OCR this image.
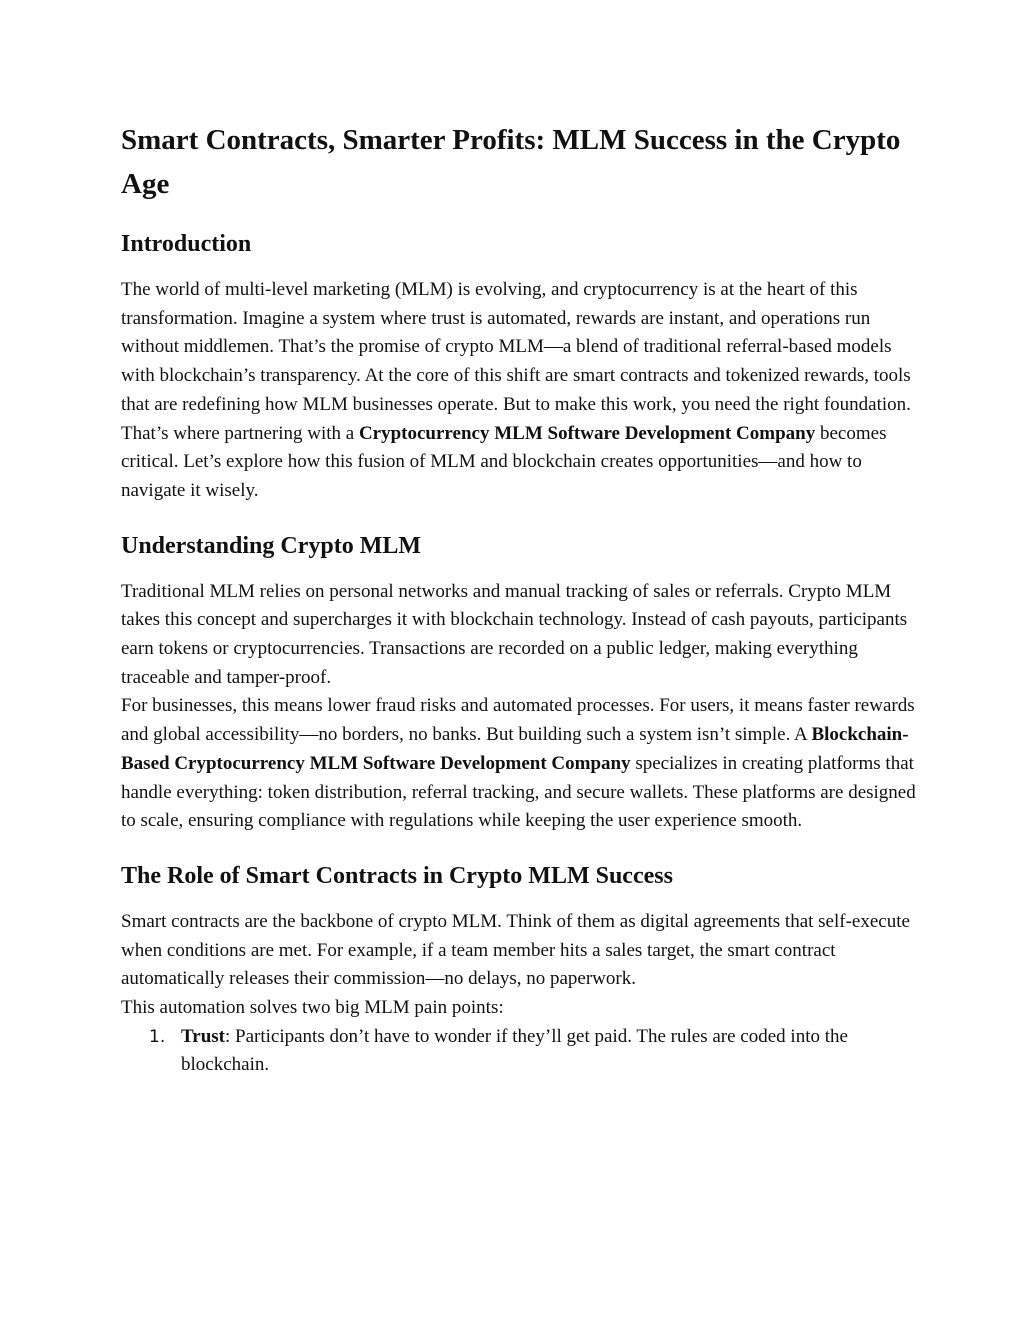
Smart Contracts, Smarter Profits: MLM Success in the Crypto Age
Introduction

The world of multi-level marketing (MLM) is evolving, and cryptocurrency is at the heart of this transformation. Imagine a system where trust is automated, rewards are instant, and operations run without middlemen. That’s the promise of crypto MLM—a blend of traditional referral-based models with blockchain’s transparency. At the core of this shift are smart contracts and tokenized rewards, tools that are redefining how MLM businesses operate. But to make this work, you need the right foundation. That’s where partnering with a Cryptocurrency MLM Software Development Company becomes critical. Let’s explore how this fusion of MLM and blockchain creates opportunities—and how to navigate it wisely.

Understanding Crypto MLM

Traditional MLM relies on personal networks and manual tracking of sales or referrals. Crypto MLM takes this concept and supercharges it with blockchain technology. Instead of cash payouts, participants earn tokens or cryptocurrencies. Transactions are recorded on a public ledger, making everything traceable and tamper-proof.

For businesses, this means lower fraud risks and automated processes. For users, it means faster rewards and global accessibility—no borders, no banks. But building such a system isn’t simple. A Blockchain-Based Cryptocurrency MLM Software Development Company specializes in creating platforms that handle everything: token distribution, referral tracking, and secure wallets. These platforms are designed to scale, ensuring compliance with regulations while keeping the user experience smooth.

The Role of Smart Contracts in Crypto MLM Success

Smart contracts are the backbone of crypto MLM. Think of them as digital agreements that self-execute when conditions are met. For example, if a team member hits a sales target, the smart contract automatically releases their commission—no delays, no paperwork.

This automation solves two big MLM pain points:

1. Trust: Participants don’t have to wonder if they’ll get paid. The rules are coded into the blockchain.
